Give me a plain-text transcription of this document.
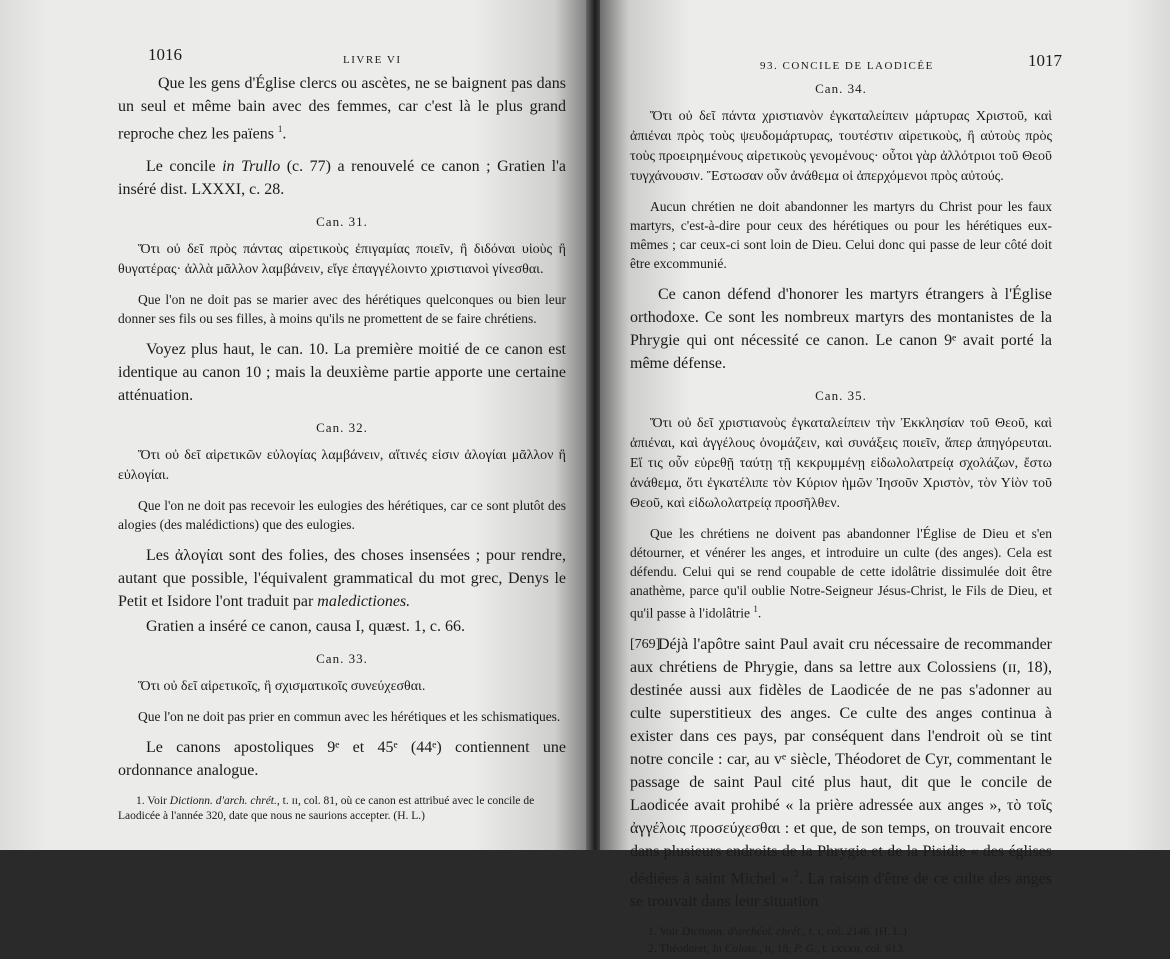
1016	LIVRE VI

Que les gens d'Église clercs ou ascètes, ne se baignent pas dans un seul et même bain avec des femmes, car c'est là le plus grand reproche chez les païens $^1$.

Le concile in Trullo (c. 77) a renouvelé ce canon ; Gratien l'a inséré dist. LXXXI, c. 28.

Can. 31.

Ὅτι οὐ δεῖ πρὸς πάντας αἱρετικοὺς ἐπιγαμίας ποιεῖν, ἢ διδόναι υἱοὺς ἢ θυγατέρας· ἀλλὰ μᾶλλον λαμβάνειν, εἴγε ἐπαγγέλοιντο χριστιανοὶ γίνεσθαι.

Que l'on ne doit pas se marier avec des hérétiques quelconques ou bien leur donner ses fils ou ses filles, à moins qu'ils ne promettent de se faire chrétiens.

Voyez plus haut, le can. 10. La première moitié de ce canon est identique au canon 10 ; mais la deuxième partie apporte une certaine atténuation.

Can. 32.

Ὅτι οὐ δεῖ αἱρετικῶν εὐλογίας λαμβάνειν, αἵτινές εἰσιν ἀλογίαι μᾶλλον ἢ εὐλογίαι.

Que l'on ne doit pas recevoir les eulogies des hérétiques, car ce sont plutôt des alogies (des malédictions) que des eulogies.

Les ἀλογίαι sont des folies, des choses insensées ; pour rendre, autant que possible, l'équivalent grammatical du mot grec, Denys le Petit et Isidore l'ont traduit par maledictiones.

Gratien a inséré ce canon, causa I, quæst. 1, c. 66.

Can. 33.

Ὅτι οὐ δεῖ αἱρετικοῖς, ἢ σχισματικοῖς συνεύχεσθαι.

Que l'on ne doit pas prier en commun avec les hérétiques et les schismatiques.

Le canons apostoliques 9ᵉ et 45ᵉ (44ᵉ) contiennent une ordonnance analogue.

1. Voir Dictionn. d'arch. chrét., t. ɪɪ, col. 81, où ce canon est attribué avec le concile de Laodicée à l'année 320, date que nous ne saurions accepter. (H. L.)
93. CONCILE DE LAODICÉE	1017
Can. 34.

Ὅτι οὐ δεῖ πάντα χριστιανὸν ἐγκαταλείπειν μάρτυρας Χριστοῦ, καὶ ἀπιέναι πρὸς τοὺς ψευδομάρτυρας, τουτέστιν αἱρετικοὺς, ἢ αὐτοὺς πρὸς τοὺς προειρημένους αἱρετικοὺς γενομένους· οὗτοι γὰρ ἀλλότριοι τοῦ Θεοῦ τυγχάνουσιν. Ἔστωσαν οὖν ἀνάθεμα οἱ ἀπερχόμενοι πρὸς αὐτούς.

Aucun chrétien ne doit abandonner les martyrs du Christ pour les faux martyrs, c'est-à-dire pour ceux des hérétiques ou pour les hérétiques eux-mêmes ; car ceux-ci sont loin de Dieu. Celui donc qui passe de leur côté doit être excommunié.

Ce canon défend d'honorer les martyrs étrangers à l'Église orthodoxe. Ce sont les nombreux martyrs des montanistes de la Phrygie qui ont nécessité ce canon. Le canon 9ᵉ avait porté la même défense.

Can. 35.

Ὅτι οὐ δεῖ χριστιανοὺς ἐγκαταλείπειν τὴν Ἐκκλησίαν τοῦ Θεοῦ, καὶ ἀπιέναι, καὶ ἀγγέλους ὀνομάζειν, καὶ συνάξεις ποιεῖν, ἅπερ ἀπηγόρευται. Εἴ τις οὖν εὑρεθῇ ταύτῃ τῇ κεκρυμμένῃ εἰδωλολατρείᾳ σχολάζων, ἔστω ἀνάθεμα, ὅτι ἐγκατέλιπε τὸν Κύριον ἡμῶν Ἰησοῦν Χριστὸν, τὸν Υἱὸν τοῦ Θεοῦ, καὶ εἰδωλολατρείᾳ προσῆλθεν.

Que les chrétiens ne doivent pas abandonner l'Église de Dieu et s'en détourner, et vénérer les anges, et introduire un culte (des anges). Cela est défendu. Celui qui se rend coupable de cette idolâtrie dissimulée doit être anathème, parce qu'il oublie Notre-Seigneur Jésus-Christ, le Fils de Dieu, et qu'il passe à l'idolâtrie $^1$.

[769]
Déjà l'apôtre saint Paul avait cru nécessaire de recommander aux chrétiens de Phrygie, dans sa lettre aux Colossiens (ɪɪ, 18), destinée aussi aux fidèles de Laodicée de ne pas s'adonner au culte superstitieux des anges. Ce culte des anges continua à exister dans ces pays, par conséquent dans l'endroit où se tint notre concile : car, au vᵉ siècle, Théodoret de Cyr, commentant le passage de saint Paul cité plus haut, dit que le concile de Laodicée avait prohibé « la prière adressée aux anges », τὸ τοῖς ἀγγέλοις προσεύχεσθαι : et que, de son temps, on trouvait encore dans plusieurs endroits de la Phrygie et de la Pisidie « des églises dédiées à saint Michel » $^2$. La raison d'être de ce culte des anges se trouvait dans leur situation

1. Voir Dictionn. d'archéol. chrét., t. ɪ, col. 2146. (H. L.)
2. Théodoret, In Coloss., ɪɪ, 18, P. G., t. ʟxxxɪɪ, col. 613.
